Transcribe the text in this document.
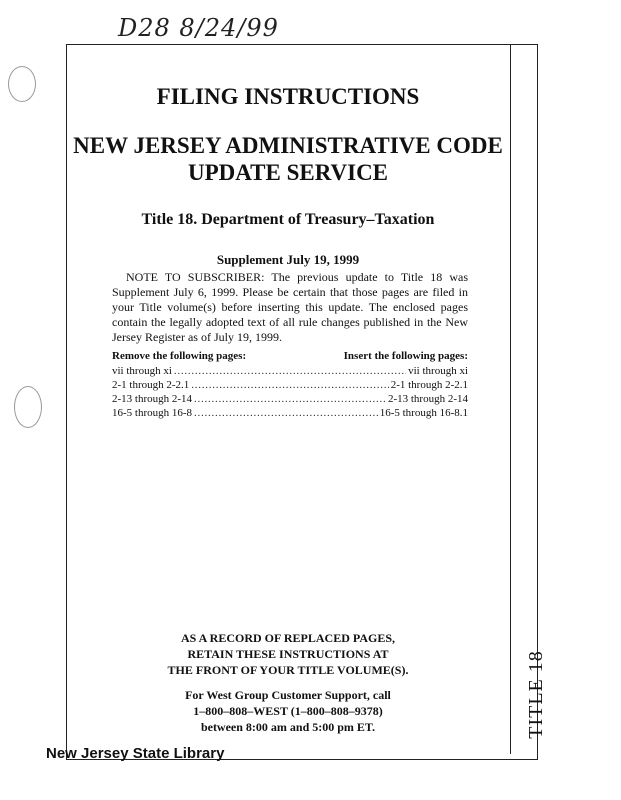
D28 8/24/99
FILING INSTRUCTIONS
NEW JERSEY ADMINISTRATIVE CODE
UPDATE SERVICE
Title 18. Department of Treasury–Taxation
Supplement July 19, 1999
NOTE TO SUBSCRIBER: The previous update to Title 18 was Supplement July 6, 1999. Please be certain that those pages are filed in your Title volume(s) before inserting this update. The enclosed pages contain the legally adopted text of all rule changes published in the New Jersey Register as of July 19, 1999.
Remove the following pages:	Insert the following pages:
vii through xi . . .	vii through xi
2-1 through 2-2.1 . . .	2-1 through 2-2.1
2-13 through 2-14 . . .	2-13 through 2-14
16-5 through 16-8 . . .	16-5 through 16-8.1
AS A RECORD OF REPLACED PAGES,
RETAIN THESE INSTRUCTIONS AT
THE FRONT OF YOUR TITLE VOLUME(S).
For West Group Customer Support, call
1–800–808–WEST (1–800–808–9378)
between 8:00 am and 5:00 pm ET.	TITLE 18
New Jersey State Library
